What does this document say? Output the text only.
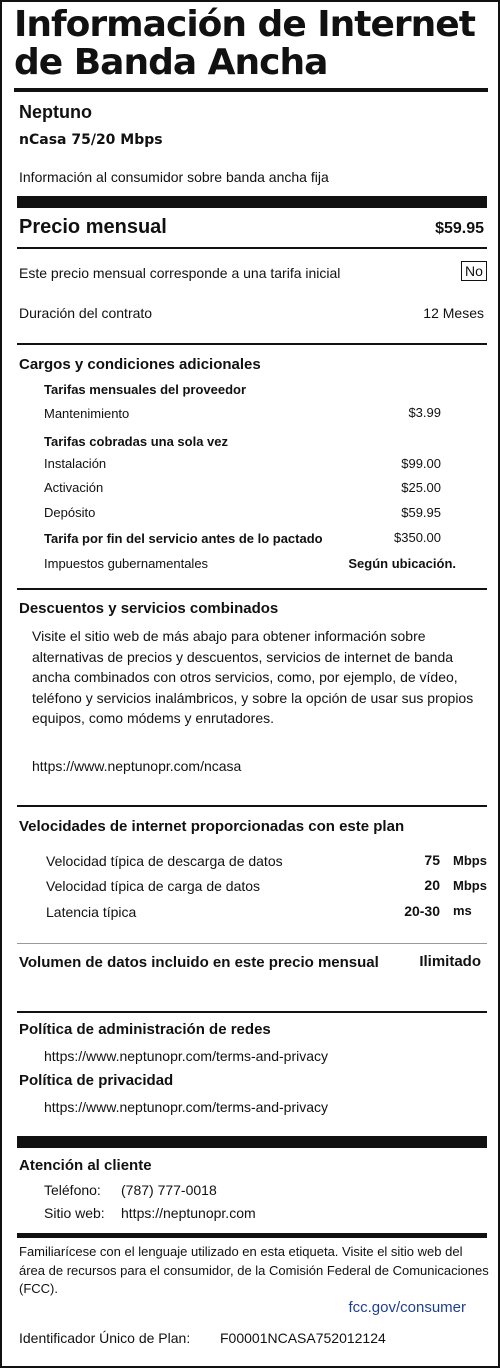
Información de Internet
de Banda Ancha
Neptuno
nCasa 75/20 Mbps
Información al consumidor sobre banda ancha fija
Precio mensual	$59.95
Este precio mensual corresponde a una tarifa inicial	No
Duración del contrato	12 Meses
Cargos y condiciones adicionales
Tarifas mensuales del proveedor
Mantenimiento	$3.99
Tarifas cobradas una sola vez
Instalación	$99.00
Activación	$25.00
Depósito	$59.95
Tarifa por fin del servicio antes de lo pactado	$350.00
Impuestos gubernamentales	Según ubicación.
Descuentos y servicios combinados
Visite el sitio web de más abajo para obtener información sobre alternativas de precios y descuentos, servicios de internet de banda ancha combinados con otros servicios, como, por ejemplo, de vídeo, teléfono y servicios inalámbricos, y sobre la opción de usar sus propios equipos, como módems y enrutadores.
https://www.neptunopr.com/ncasa
Velocidades de internet proporcionadas con este plan
Velocidad típica de descarga de datos	75 Mbps
Velocidad típica de carga de datos	20 Mbps
Latencia típica	20-30 ms
Volumen de datos incluido en este precio mensual	Ilimitado
Política de administración de redes
https://www.neptunopr.com/terms-and-privacy
Política de privacidad
https://www.neptunopr.com/terms-and-privacy
Atención al cliente
Teléfono: (787) 777-0018
Sitio web: https://neptunopr.com
Familiarícese con el lenguaje utilizado en esta etiqueta. Visite el sitio web del área de recursos para el consumidor, de la Comisión Federal de Comunicaciones (FCC).
fcc.gov/consumer
Identificador Único de Plan: F00001NCASA752012124
